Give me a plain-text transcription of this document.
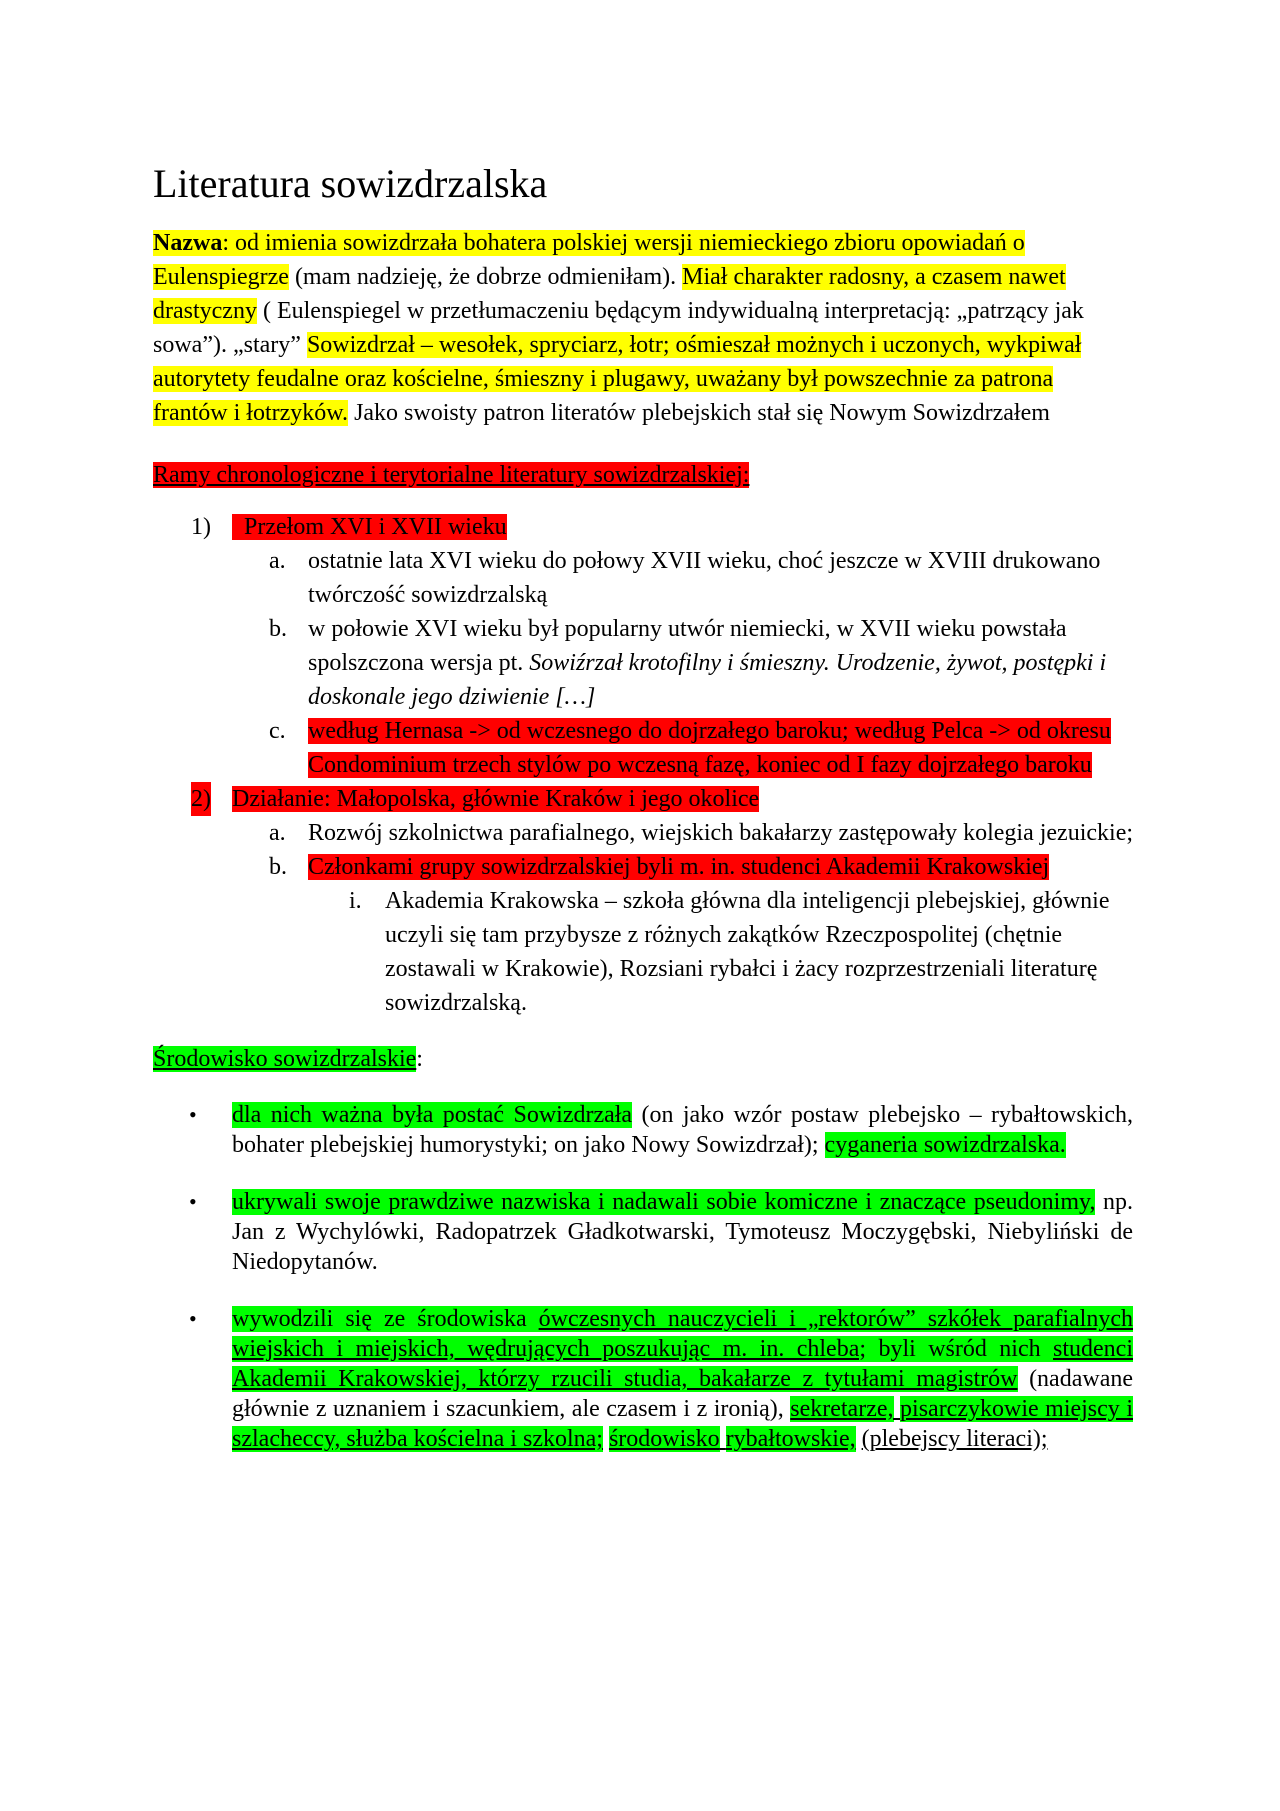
Literatura sowizdrzalska

Nazwa: od imienia sowizdrzała bohatera polskiej wersji niemieckiego zbioru opowiadań o Eulenspiegrze (mam nadzieję, że dobrze odmieniłam). Miał charakter radosny, a czasem nawet drastyczny ( Eulenspiegel w przetłumaczeniu będącym indywidualną interpretacją: „patrzący jak sowa”). „stary” Sowizdrzał – wesołek, spryciarz, łotr; ośmieszał możnych i uczonych, wykpiwał autorytety feudalne oraz kościelne, śmieszny i plugawy, uważany był powszechnie za patrona frantów i łotrzyków. Jako swoisty patron literatów plebejskich stał się Nowym Sowizdrzałem

Ramy chronologiczne i terytorialne literatury sowizdrzalskiej:

1) Przełom XVI i XVII wieku
a. ostatnie lata XVI wieku do połowy XVII wieku, choć jeszcze w XVIII drukowano twórczość sowizdrzalską
b. w połowie XVI wieku był popularny utwór niemiecki, w XVII wieku powstała spolszczona wersja pt. Sowiźrzał krotofilny i śmieszny. Urodzenie, żywot, postępki i doskonale jego dziwienie […]
c. według Hernasa -> od wczesnego do dojrzałego baroku; według Pelca -> od okresu Condominium trzech stylów po wczesną fazę, koniec od I fazy dojrzałego baroku
2) Działanie: Małopolska, głównie Kraków i jego okolice
a. Rozwój szkolnictwa parafialnego, wiejskich bakałarzy zastępowały kolegia jezuickie;
b. Członkami grupy sowizdrzalskiej byli m. in. studenci Akademii Krakowskiej
i. Akademia Krakowska – szkoła główna dla inteligencji plebejskiej, głównie uczyli się tam przybysze z różnych zakątków Rzeczpospolitej (chętnie zostawali w Krakowie), Rozsiani rybałci i żacy rozprzestrzeniali literaturę sowizdrzalską.

Środowisko sowizdrzalskie:

• dla nich ważna była postać Sowizdrzała (on jako wzór postaw plebejsko – rybałtowskich, bohater plebejskiej humorystyki; on jako Nowy Sowizdrzał); cyganeria sowizdrzalska.
• ukrywali swoje prawdziwe nazwiska i nadawali sobie komiczne i znaczące pseudonimy, np. Jan z Wychylówki, Radopatrzek Gładkotwarski, Tymoteusz Moczygębski, Niebyliński de Niedopytanów.
• wywodzili się ze środowiska ówczesnych nauczycieli i „rektorów” szkółek parafialnych wiejskich i miejskich, wędrujących poszukując m. in. chleba; byli wśród nich studenci Akademii Krakowskiej, którzy rzucili studia, bakałarze z tytułami magistrów (nadawane głównie z uznaniem i szacunkiem, ale czasem i z ironią), sekretarze, pisarczykowie miejscy i szlacheccy, służba kościelna i szkolna; środowisko rybałtowskie, (plebejscy literaci);
